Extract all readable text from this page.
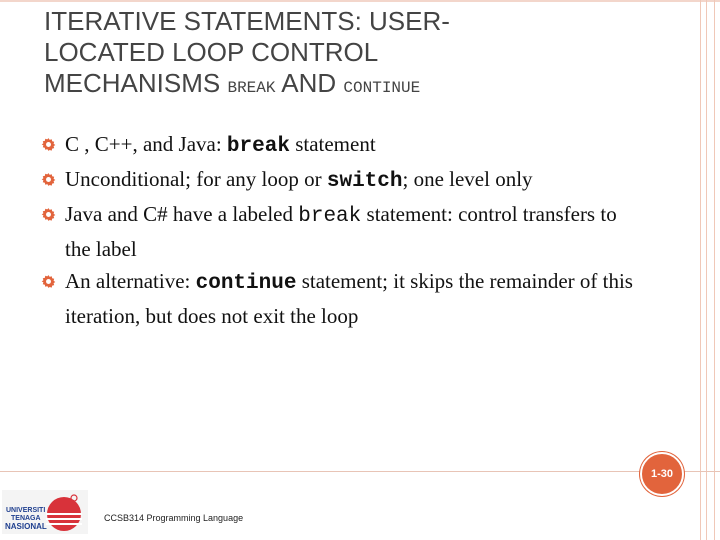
ITERATIVE STATEMENTS: USER-
LOCATED LOOP CONTROL
MECHANISMS BREAK AND CONTINUE
C , C++, and Java: break statement
Unconditional; for any loop or switch; one level only
Java and C# have a labeled break statement: control transfers to the label
An alternative: continue statement; it skips the remainder of this iteration, but does not exit the loop
1-30
UNIVERSITI
TENAGA
NASIONAL
CCSB314 Programming Language
